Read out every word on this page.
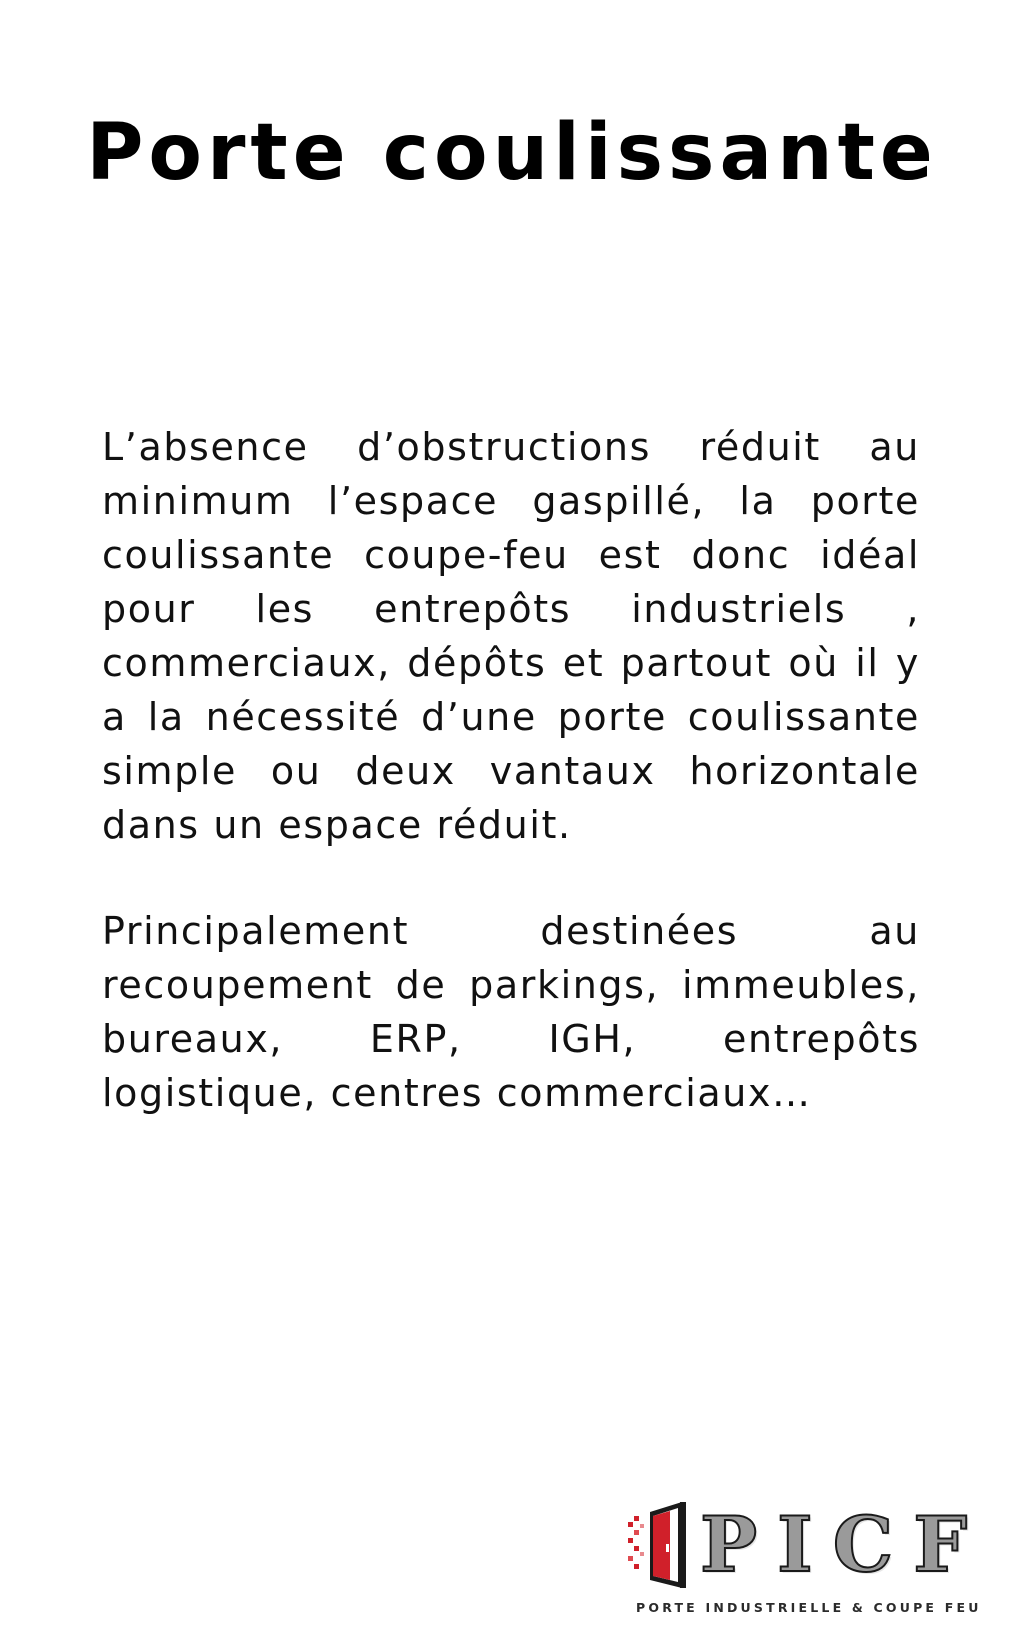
Porte coulissante

L’absence d’obstructions réduit au minimum l’espace gaspillé, la porte coulissante coupe-feu est donc idéal pour les entrepôts industriels , commerciaux, dépôts et partout où il y a la nécessité d’une porte coulissante simple ou deux vantaux horizontale dans un espace réduit.

Principalement destinées au recoupement de parkings, immeubles, bureaux, ERP, IGH, entrepôts logistique, centres commerciaux…

P I C F
PORTE INDUSTRIELLE & COUPE FEU
